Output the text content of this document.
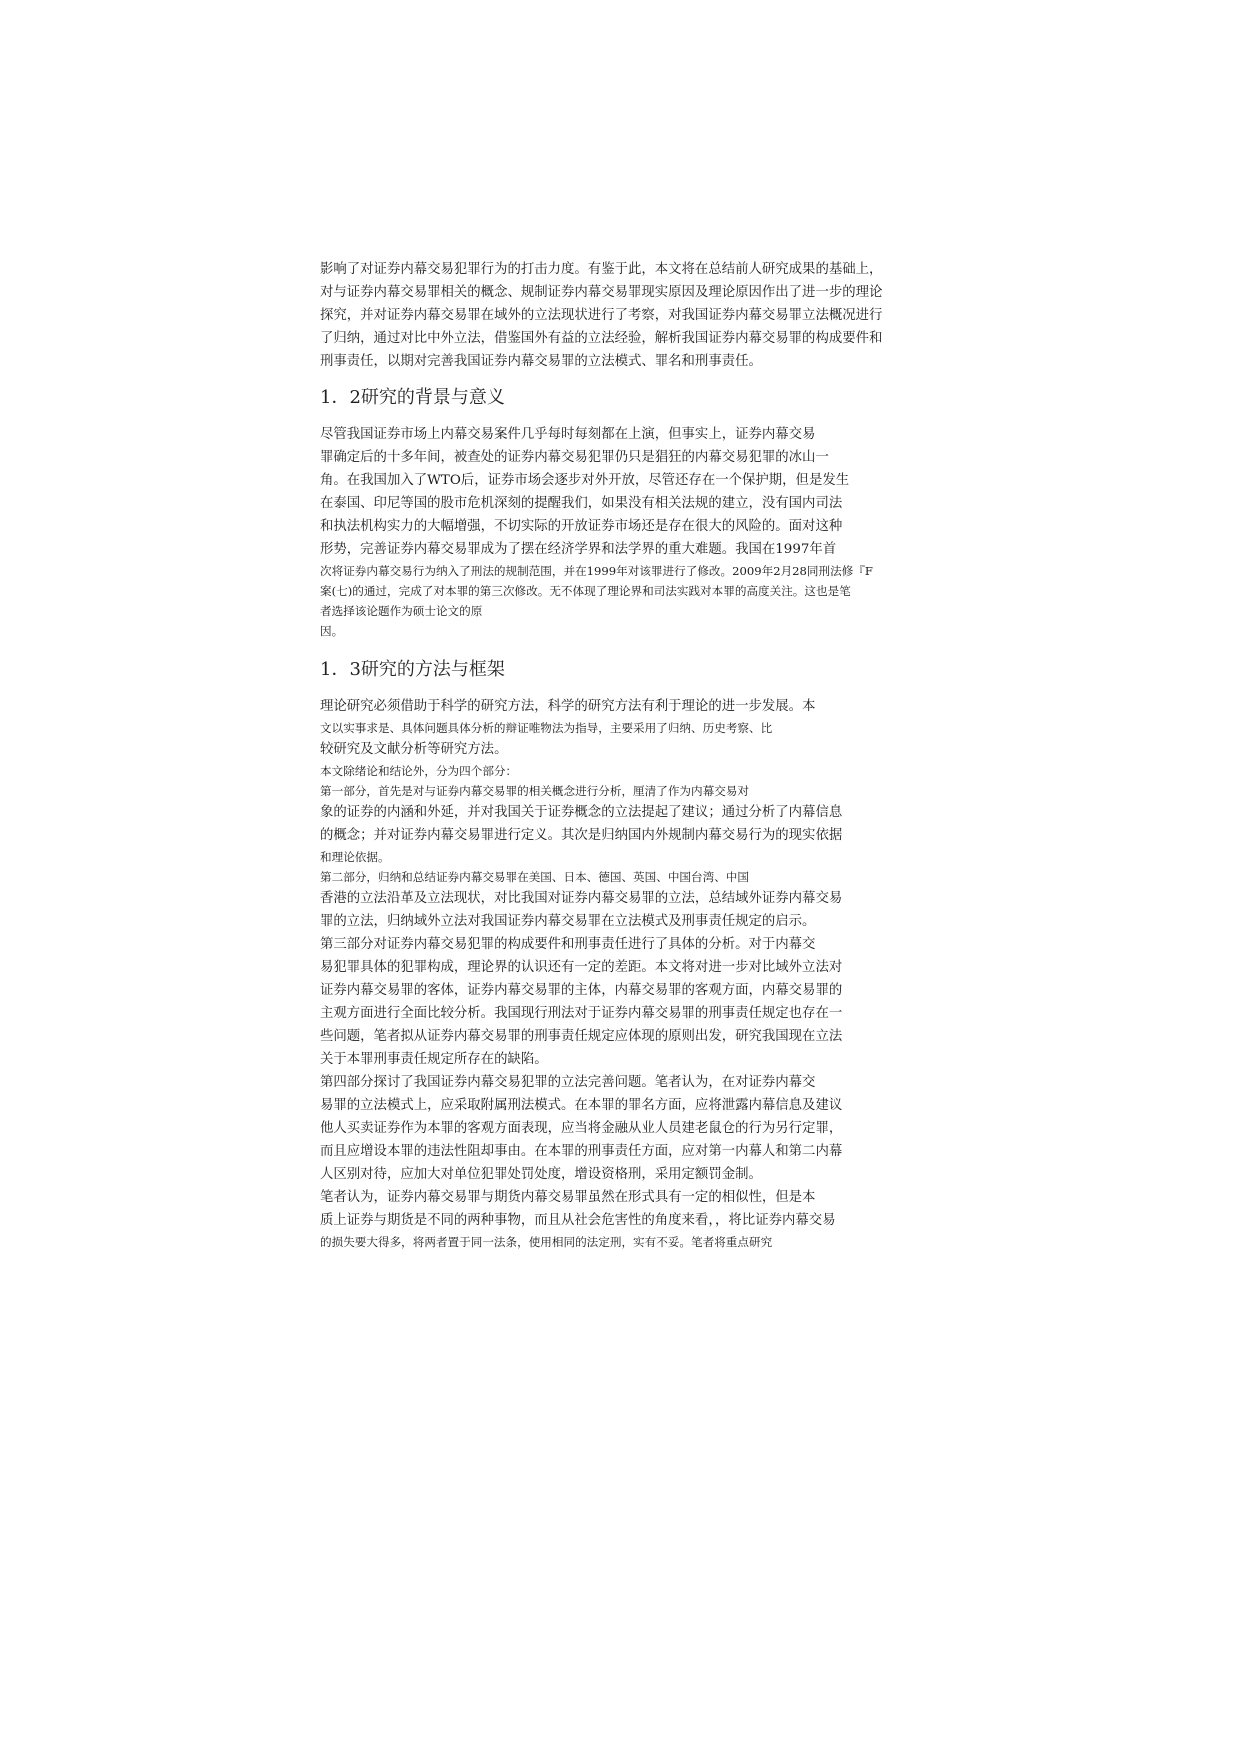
影响了对证券内幕交易犯罪行为的打击力度。有鉴于此，本文将在总结前人研究成果的基础上，
对与证券内幕交易罪相关的概念、规制证券内幕交易罪现实原因及理论原因作出了进一步的理论
探究，并对证券内幕交易罪在域外的立法现状进行了考察，对我国证券内幕交易罪立法概况进行
了归纳，通过对比中外立法，借鉴国外有益的立法经验，解析我国证券内幕交易罪的构成要件和
刑事责任，以期对完善我国证券内幕交易罪的立法模式、罪名和刑事责任。
1．2研究的背景与意义
尽管我国证券市场上内幕交易案件几乎每时每刻都在上演，但事实上，证券内幕交易
罪确定后的十多年间，被查处的证券内幕交易犯罪仍只是猖狂的内幕交易犯罪的冰山一
角。在我国加入了WTO后，证券市场会逐步对外开放，尽管还存在一个保护期，但是发生
在泰国、印尼等国的股市危机深刻的提醒我们，如果没有相关法规的建立，没有国内司法
和执法机构实力的大幅增强，不切实际的开放证券市场还是存在很大的风险的。面对这种
形势，完善证券内幕交易罪成为了摆在经济学界和法学界的重大难题。我国在1997年首
次将证券内幕交易行为纳入了刑法的规制范围，并在1999年对该罪进行了修改。2009年2月28同刑法修『F
案(七)的通过，完成了对本罪的第三次修改。无不体现了理论界和司法实践对本罪的高度关注。这也是笔
者选择该论题作为硕士论文的原
因。
1．3研究的方法与框架
理论研究必须借助于科学的研究方法，科学的研究方法有利于理论的进一步发展。本
文以实事求是、具体问题具体分析的辩证唯物法为指导，主要采用了归纳、历史考察、比
较研究及文献分析等研究方法。
本文除绪论和结论外，分为四个部分：
第一部分，首先是对与证券内幕交易罪的相关概念进行分析，厘清了作为内幕交易对
象的证券的内涵和外延，并对我国关于证券概念的立法提起了建议；通过分析了内幕信息
的概念；并对证券内幕交易罪进行定义。其次是归纳国内外规制内幕交易行为的现实依据
和理论依据。
第二部分，归纳和总结证券内幕交易罪在美国、日本、德国、英国、中国台湾、中国
香港的立法沿革及立法现状，对比我国对证券内幕交易罪的立法，总结域外证券内幕交易
罪的立法，归纳域外立法对我国证券内幕交易罪在立法模式及刑事责任规定的启示。
第三部分对证券内幕交易犯罪的构成要件和刑事责任进行了具体的分析。对于内幕交
易犯罪具体的犯罪构成，理论界的认识还有一定的差距。本文将对进一步对比域外立法对
证券内幕交易罪的客体，证券内幕交易罪的主体，内幕交易罪的客观方面，内幕交易罪的
主观方面进行全面比较分析。我国现行刑法对于证券内幕交易罪的刑事责任规定也存在一
些问题，笔者拟从证券内幕交易罪的刑事责任规定应体现的原则出发，研究我国现在立法
关于本罪刑事责任规定所存在的缺陷。
第四部分探讨了我国证券内幕交易犯罪的立法完善问题。笔者认为，在对证券内幕交
易罪的立法模式上，应采取附属刑法模式。在本罪的罪名方面，应将泄露内幕信息及建议
他人买卖证券作为本罪的客观方面表现，应当将金融从业人员建老鼠仓的行为另行定罪，
而且应增设本罪的违法性阻却事由。在本罪的刑事责任方面，应对第一内幕人和第二内幕
人区别对待，应加大对单位犯罪处罚处度，增设资格刑，采用定额罚金制。
笔者认为，证券内幕交易罪与期货内幕交易罪虽然在形式具有一定的相似性，但是本
质上证券与期货是不同的两种事物，而且从社会危害性的角度来看，，将比证券内幕交易
的损失要大得多，将两者置于同一法条，使用相同的法定刑，实有不妥。笔者将重点研究
